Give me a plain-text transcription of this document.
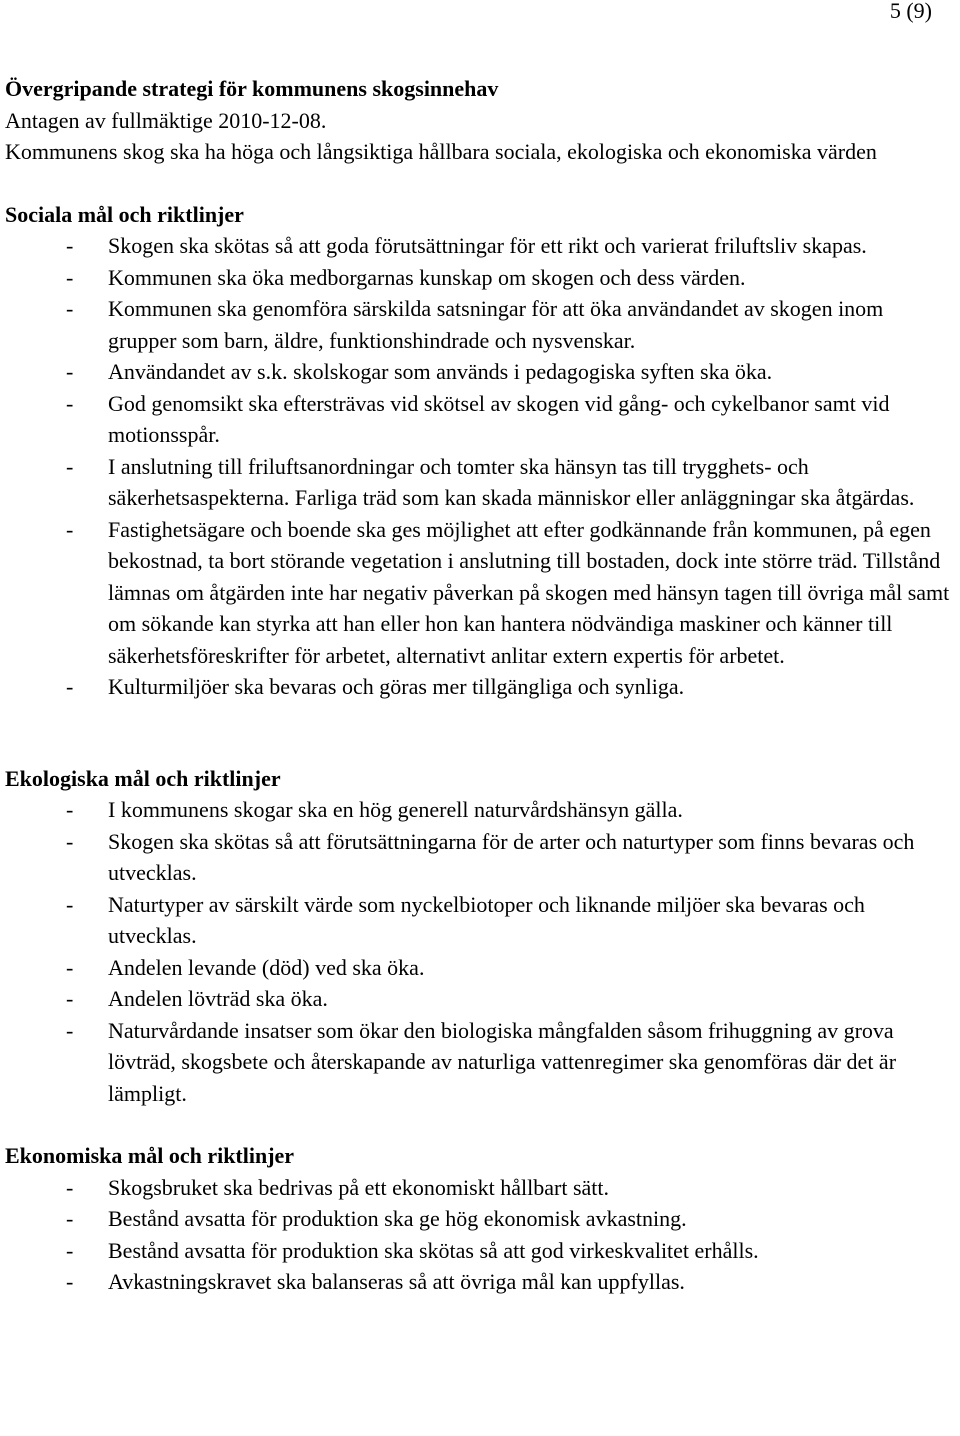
5 (9)
Övergripande strategi för kommunens skogsinnehav
Antagen av fullmäktige 2010-12-08.
Kommunens skog ska ha höga och långsiktiga hållbara sociala, ekologiska och ekonomiska värden
Sociala mål och riktlinjer
- Skogen ska skötas så att goda förutsättningar för ett rikt och varierat friluftsliv skapas.
- Kommunen ska öka medborgarnas kunskap om skogen och dess värden.
- Kommunen ska genomföra särskilda satsningar för att öka användandet av skogen inom grupper som barn, äldre, funktionshindrade och nysvenskar.
- Användandet av s.k. skolskogar som används i pedagogiska syften ska öka.
- God genomsikt ska eftersträvas vid skötsel av skogen vid gång- och cykelbanor samt vid motionsspår.
- I anslutning till friluftsanordningar och tomter ska hänsyn tas till trygghets- och säkerhetsaspekterna. Farliga träd som kan skada människor eller anläggningar ska åtgärdas.
- Fastighetsägare och boende ska ges möjlighet att efter godkännande från kommunen, på egen bekostnad, ta bort störande vegetation i anslutning till bostaden, dock inte större träd. Tillstånd lämnas om åtgärden inte har negativ påverkan på skogen med hänsyn tagen till övriga mål samt om sökande kan styrka att han eller hon kan hantera nödvändiga maskiner och känner till säkerhetsföreskrifter för arbetet, alternativt anlitar extern expertis för arbetet.
- Kulturmiljöer ska bevaras och göras mer tillgängliga och synliga.
Ekologiska mål och riktlinjer
- I kommunens skogar ska en hög generell naturvårdshänsyn gälla.
- Skogen ska skötas så att förutsättningarna för de arter och naturtyper som finns bevaras och utvecklas.
- Naturtyper av särskilt värde som nyckelbiotoper och liknande miljöer ska bevaras och utvecklas.
- Andelen levande (död) ved ska öka.
- Andelen lövträd ska öka.
- Naturvårdande insatser som ökar den biologiska mångfalden såsom frihuggning av grova lövträd, skogsbete och återskapande av naturliga vattenregimer ska genomföras där det är lämpligt.
Ekonomiska mål och riktlinjer
- Skogsbruket ska bedrivas på ett ekonomiskt hållbart sätt.
- Bestånd avsatta för produktion ska ge hög ekonomisk avkastning.
- Bestånd avsatta för produktion ska skötas så att god virkeskvalitet erhålls.
- Avkastningskravet ska balanseras så att övriga mål kan uppfyllas.
